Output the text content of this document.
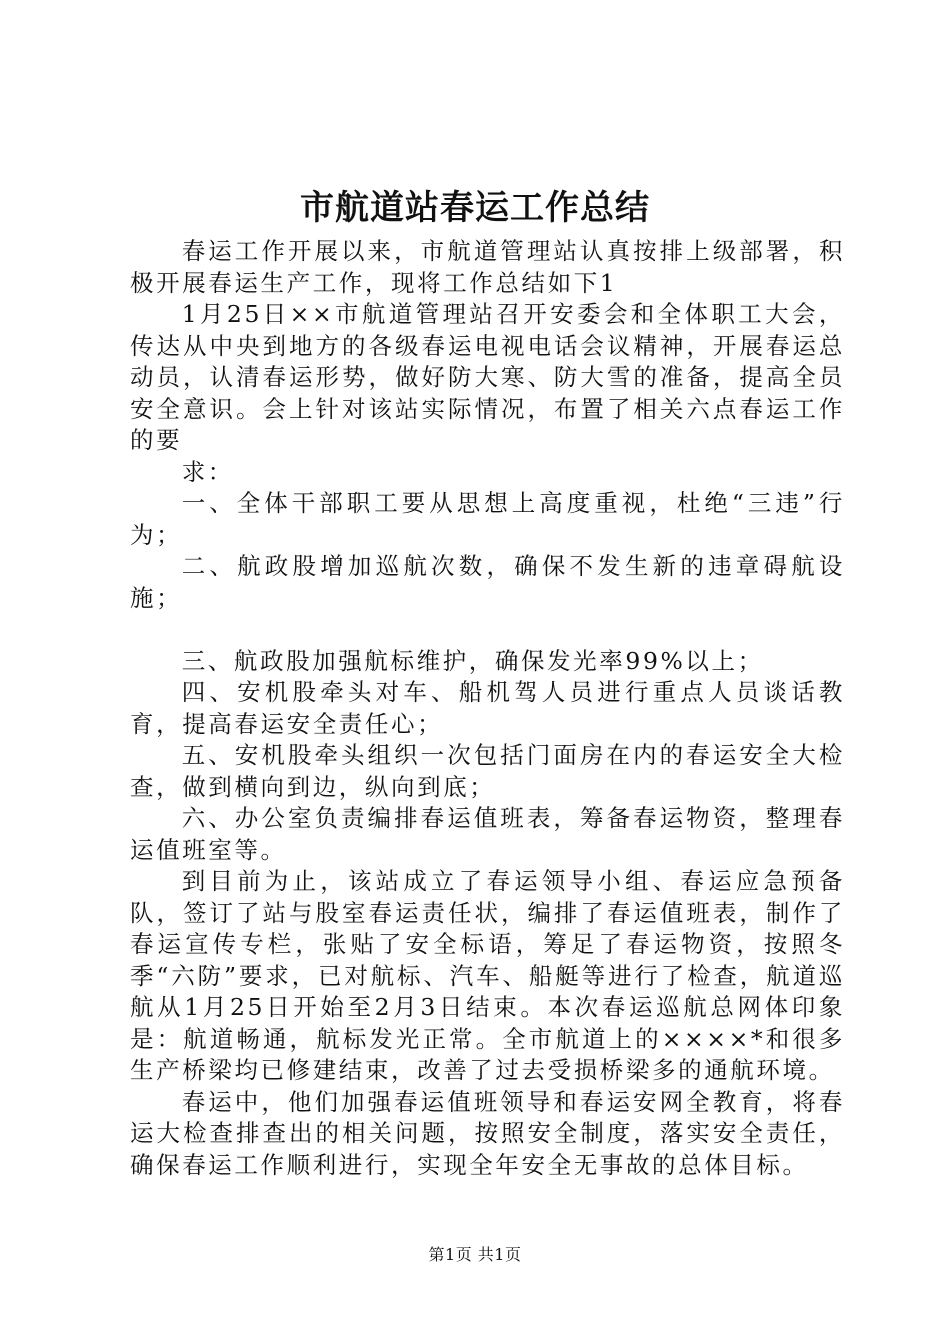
市航道站春运工作总结

春运工作开展以来，市航道管理站认真按排上级部署，积极开展春运生产工作，现将工作总结如下1

1月25日××市航道管理站召开安委会和全体职工大会，传达从中央到地方的各级春运电视电话会议精神，开展春运总动员，认清春运形势，做好防大寒、防大雪的准备，提高全员安全意识。会上针对该站实际情况，布置了相关六点春运工作的要

求：

一、全体干部职工要从思想上高度重视，杜绝“三违”行为；

二、航政股增加巡航次数，确保不发生新的违章碍航设施；

三、航政股加强航标维护，确保发光率99%以上；

四、安机股牵头对车、船机驾人员进行重点人员谈话教育，提高春运安全责任心；

五、安机股牵头组织一次包括门面房在内的春运安全大检查，做到横向到边，纵向到底；

六、办公室负责编排春运值班表，筹备春运物资，整理春运值班室等。

到目前为止，该站成立了春运领导小组、春运应急预备队，签订了站与股室春运责任状，编排了春运值班表，制作了春运宣传专栏，张贴了安全标语，筹足了春运物资，按照冬季“六防”要求，已对航标、汽车、船艇等进行了检查，航道巡航从1月25日开始至2月3日结束。本次春运巡航总网体印象是：航道畅通，航标发光正常。全市航道上的××××*和很多生产桥梁均已修建结束，改善了过去受损桥梁多的通航环境。

春运中，他们加强春运值班领导和春运安网全教育，将春运大检查排查出的相关问题，按照安全制度，落实安全责任，确保春运工作顺利进行，实现全年安全无事故的总体目标。

第1页 共1页
